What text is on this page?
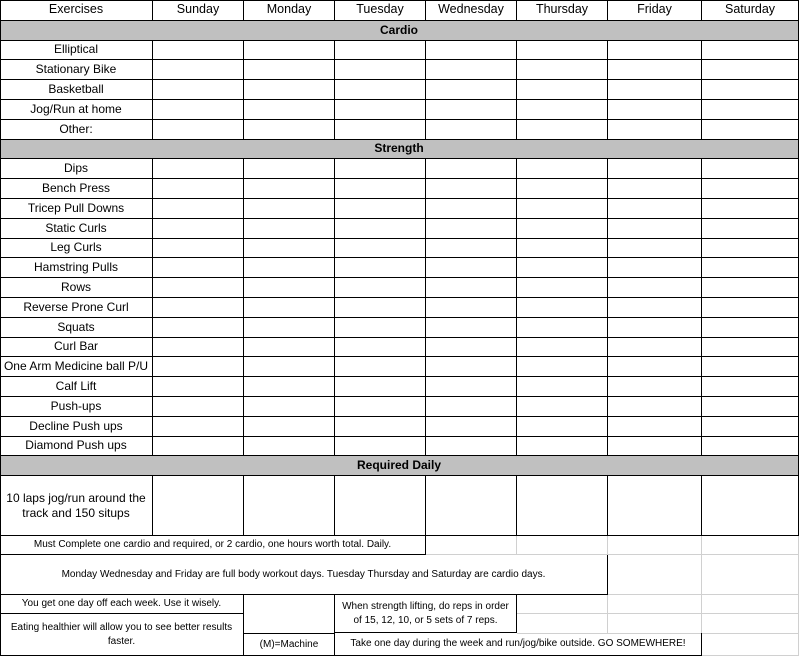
Exercises	Sunday	Monday	Tuesday	Wednesday	Thursday	Friday	Saturday
Cardio
Elliptical
Stationary Bike
Basketball
Jog/Run at home
Other:
Strength
Dips
Bench Press
Tricep Pull Downs
Static Curls
Leg Curls
Hamstring Pulls
Rows
Reverse Prone Curl
Squats
Curl Bar
One Arm Medicine ball P/U
Calf Lift
Push-ups
Decline Push ups
Diamond Push ups
Required Daily
10 laps jog/run around the track and 150 situps
Must Complete one cardio and required, or 2 cardio, one hours worth total. Daily.
Monday Wednesday and Friday are full body workout days. Tuesday Thursday and Saturday are cardio days.
You get one day off each week. Use it wisely.	When strength lifting, do reps in order of 15, 12, 10, or 5 sets of 7 reps.
Eating healthier will allow you to see better results faster.	(M)=Machine	Take one day during the week and run/jog/bike outside. GO SOMEWHERE!
